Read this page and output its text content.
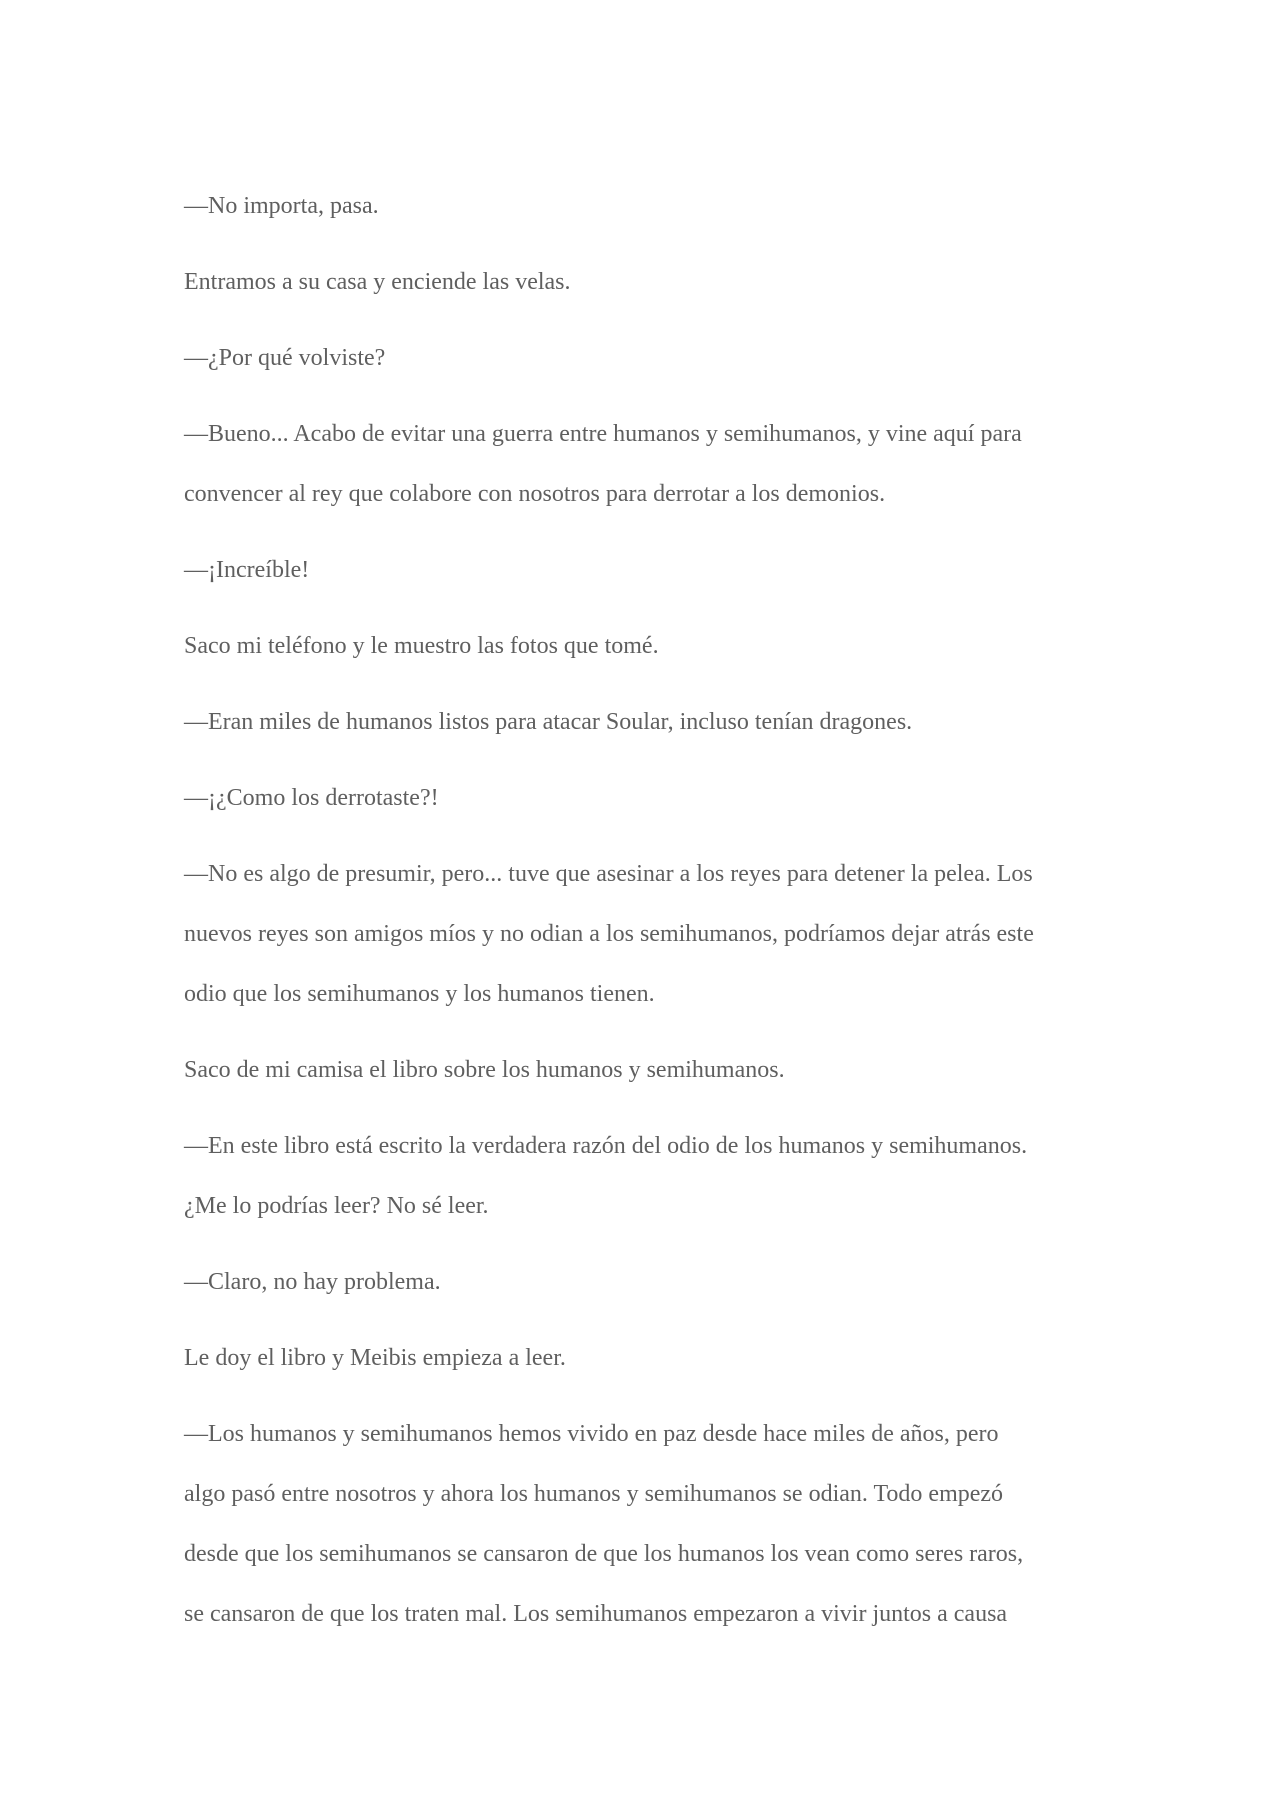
—No importa, pasa.

Entramos a su casa y enciende las velas.

—¿Por qué volviste?

—Bueno... Acabo de evitar una guerra entre humanos y semihumanos, y vine aquí para
convencer al rey que colabore con nosotros para derrotar a los demonios.

—¡Increíble!

Saco mi teléfono y le muestro las fotos que tomé.

—Eran miles de humanos listos para atacar Soular, incluso tenían dragones.

—¡¿Como los derrotaste?!

—No es algo de presumir, pero... tuve que asesinar a los reyes para detener la pelea. Los
nuevos reyes son amigos míos y no odian a los semihumanos, podríamos dejar atrás este
odio que los semihumanos y los humanos tienen.

Saco de mi camisa el libro sobre los humanos y semihumanos.

—En este libro está escrito la verdadera razón del odio de los humanos y semihumanos.
¿Me lo podrías leer? No sé leer.

—Claro, no hay problema.

Le doy el libro y Meibis empieza a leer.

—Los humanos y semihumanos hemos vivido en paz desde hace miles de años, pero
algo pasó entre nosotros y ahora los humanos y semihumanos se odian. Todo empezó
desde que los semihumanos se cansaron de que los humanos los vean como seres raros,
se cansaron de que los traten mal. Los semihumanos empezaron a vivir juntos a causa
